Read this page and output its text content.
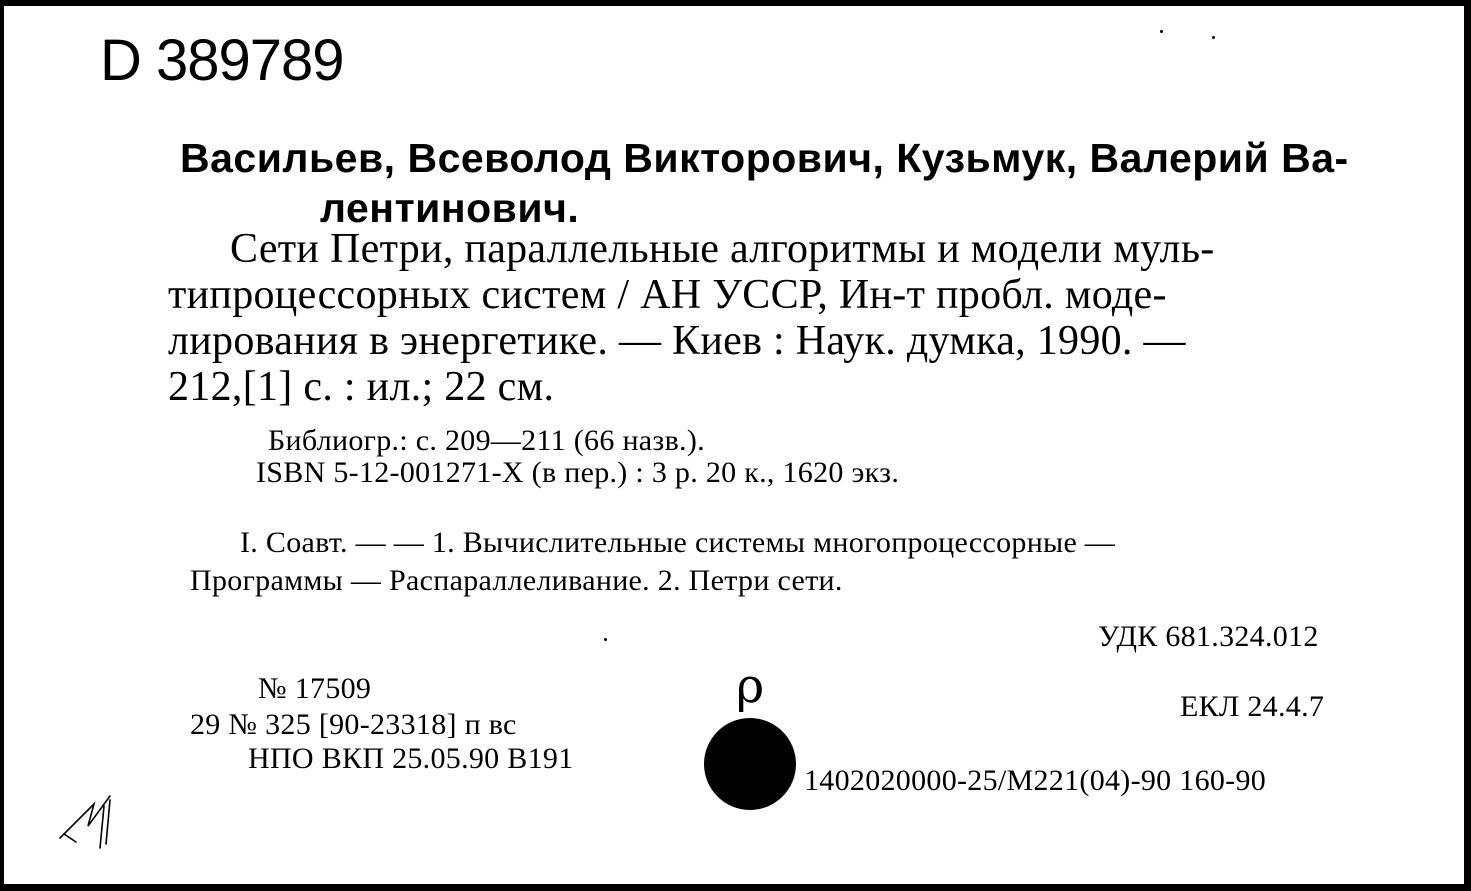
D 389789
Васильев, Всеволод Викторович, Кузьмук, Валерий Ва-
лентинович.
Сети Петри, параллельные алгоритмы и модели муль-
типроцессорных систем / АН УССР, Ин-т пробл. моде-
лирования в энергетике. — Киев : Наук. думка, 1990. —
212,[1] с. : ил.; 22 см.
Библиогр.: с. 209—211 (66 назв.).
ISBN 5-12-001271-X (в пер.) : 3 р. 20 к., 1620 экз.
I. Соавт. — — 1. Вычислительные системы многопроцессорные —
Программы — Распараллеливание. 2. Петри сети.
УДК 681.324.012
ЕКЛ 24.4.7
№ 17509
29 № 325 [90-23318] п вс
НПО ВКП 25.05.90 В191
ρ
1402020000-25/М221(04)-90 160-90
